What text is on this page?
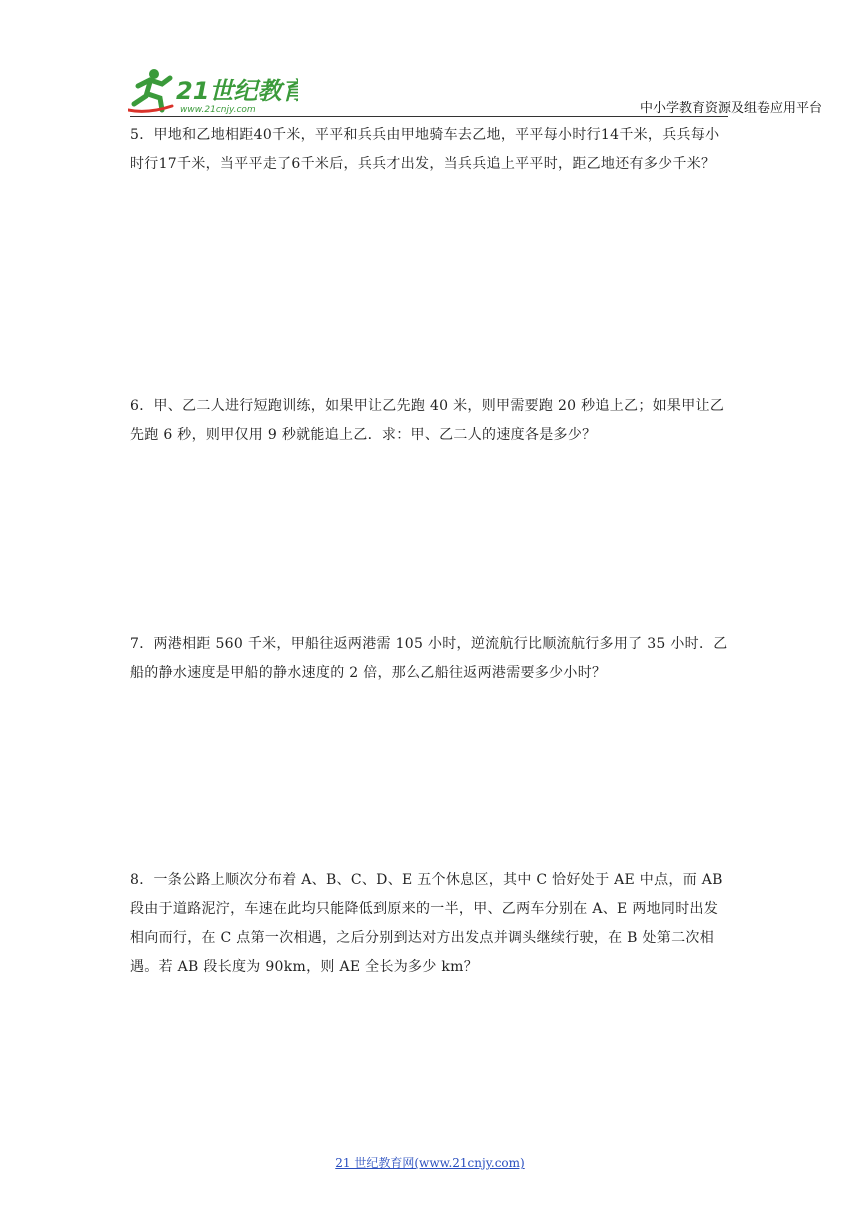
21世纪教育
www.21cnjy.com	中小学教育资源及组卷应用平台
5．甲地和乙地相距40千米，平平和兵兵由甲地骑车去乙地，平平每小时行14千米，兵兵每小时行17千米，当平平走了6千米后，兵兵才出发，当兵兵追上平平时，距乙地还有多少千米？
6．甲、乙二人进行短跑训练，如果甲让乙先跑 40 米，则甲需要跑 20 秒追上乙；如果甲让乙先跑 6 秒，则甲仅用 9 秒就能追上乙．求：甲、乙二人的速度各是多少？
7．两港相距 560 千米，甲船往返两港需 105 小时，逆流航行比顺流航行多用了 35 小时．乙船的静水速度是甲船的静水速度的 2 倍，那么乙船往返两港需要多少小时？
8．一条公路上顺次分布着 A、B、C、D、E 五个休息区，其中 C 恰好处于 AE 中点，而 AB 段由于道路泥泞，车速在此均只能降低到原来的一半，甲、乙两车分别在 A、E 两地同时出发相向而行，在 C 点第一次相遇，之后分别到达对方出发点并调头继续行驶，在 B 处第二次相遇。若 AB 段长度为 90km，则 AE 全长为多少 km？
21 世纪教育网(www.21cnjy.com)
